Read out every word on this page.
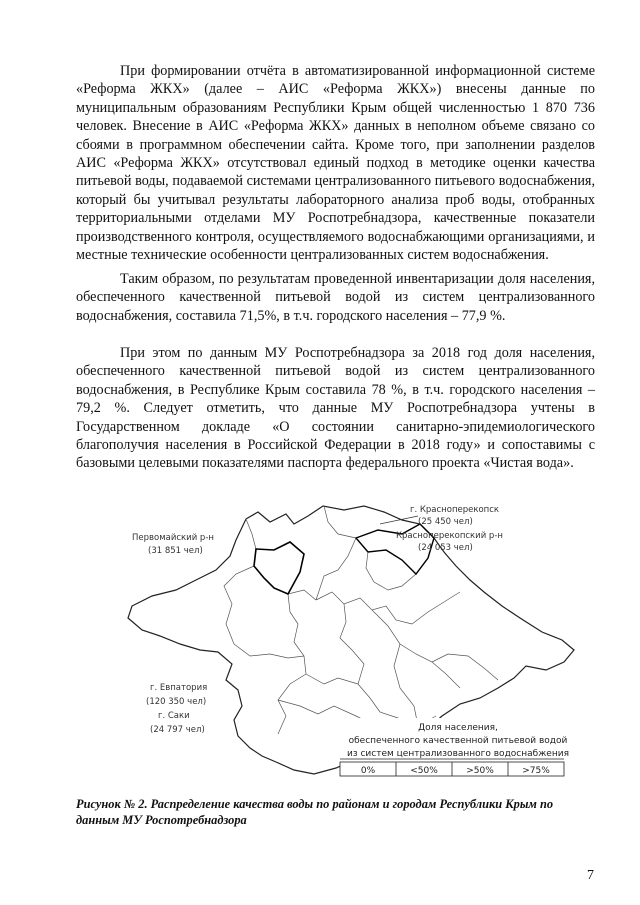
При формировании отчёта в автоматизированной информационной системе «Реформа ЖКХ» (далее – АИС «Реформа ЖКХ») внесены данные по муниципальным образованиям Республики Крым общей численностью 1 870 736 человек. Внесение в АИС «Реформа ЖКХ» данных в неполном объеме связано со сбоями в программном обеспечении сайта. Кроме того, при заполнении разделов АИС «Реформа ЖКХ» отсутствовал единый подход в методике оценки качества питьевой воды, подаваемой системами централизованного питьевого водоснабжения, который бы учитывал результаты лабораторного анализа проб воды, отобранных территориальными отделами МУ Роспотребнадзора, качественные показатели производственного контроля, осуществляемого водоснабжающими организациями, и местные технические особенности централизованных систем водоснабжения.

Таким образом, по результатам проведенной инвентаризации доля населения, обеспеченного качественной питьевой водой из систем централизованного водоснабжения, составила 71,5%, в т.ч. городского населения – 77,9 %.

При этом по данным МУ Роспотребнадзора за 2018 год доля населения, обеспеченного качественной питьевой водой из систем централизованного водоснабжения, в Республике Крым составила 78 %, в т.ч. городского населения – 79,2 %. Следует отметить, что данные МУ Роспотребнадзора учтены в Государственном докладе «О состоянии санитарно-эпидемиологического благополучия населения в Российской Федерации в 2018 году» и сопоставимы с базовыми целевыми показателями паспорта федерального проекта «Чистая вода».

г. Красноперекопск
(25 450 чел)
Красноперекопский р-н
(24 053 чел)
Первомайский р-н
(31 851 чел)
г. Евпатория
(120 350 чел)
г. Саки
(24 797 чел)	Доля населения,
обеспеченного качественной питьевой водой
из систем централизованного водоснабжения
0%	<50%	>50%	>75%

Рисунок № 2. Распределение качества воды по районам и городам Республики Крым по данным МУ Роспотребнадзора

7
